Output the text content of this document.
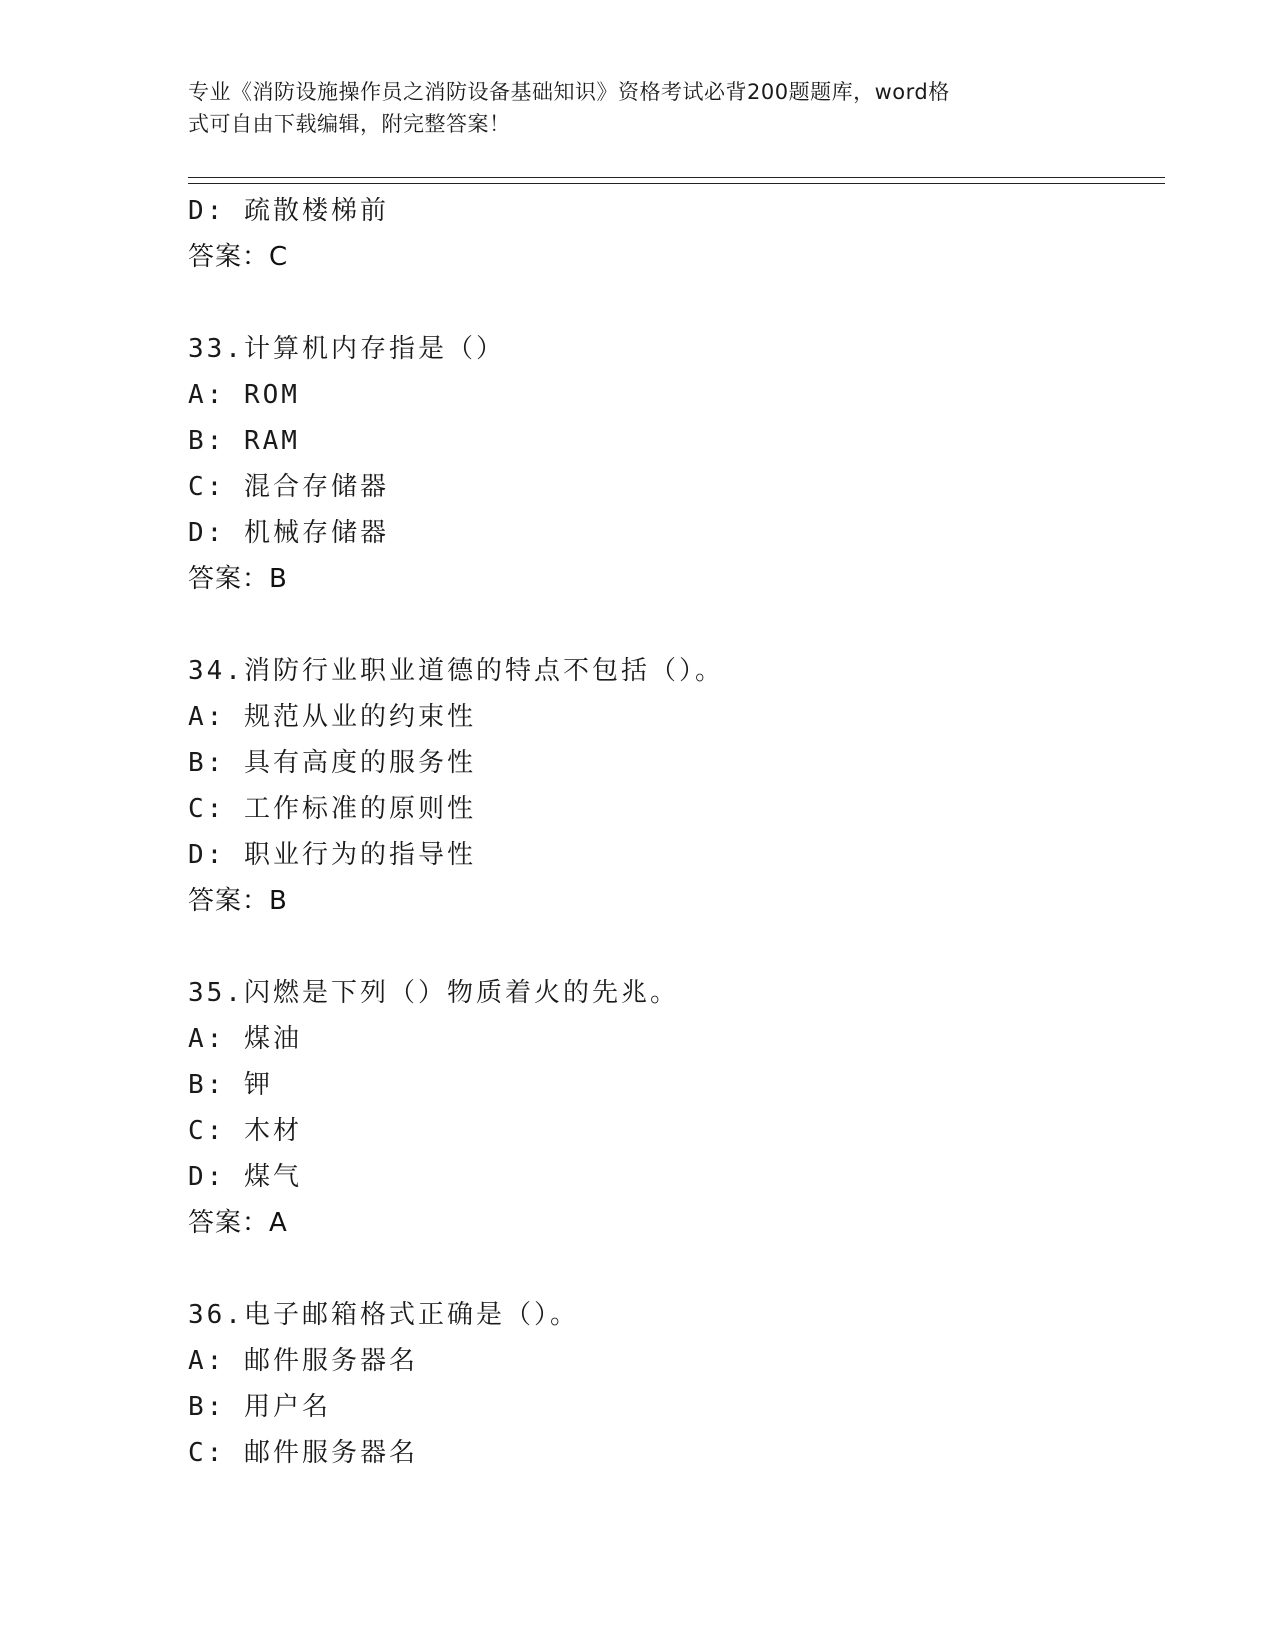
专业《消防设施操作员之消防设备基础知识》资格考试必背200题题库，word格
式可自由下载编辑，附完整答案！
D: 疏散楼梯前
答案：C
33.计算机内存指是（）
A: ROM
B: RAM
C: 混合存储器
D: 机械存储器
答案：B
34.消防行业职业道德的特点不包括（）。
A: 规范从业的约束性
B: 具有高度的服务性
C: 工作标准的原则性
D: 职业行为的指导性
答案：B
35.闪燃是下列（）物质着火的先兆。
A: 煤油
B: 钾
C: 木材
D: 煤气
答案：A
36.电子邮箱格式正确是（）。
A: 邮件服务器名
B: 用户名
C: 邮件服务器名
